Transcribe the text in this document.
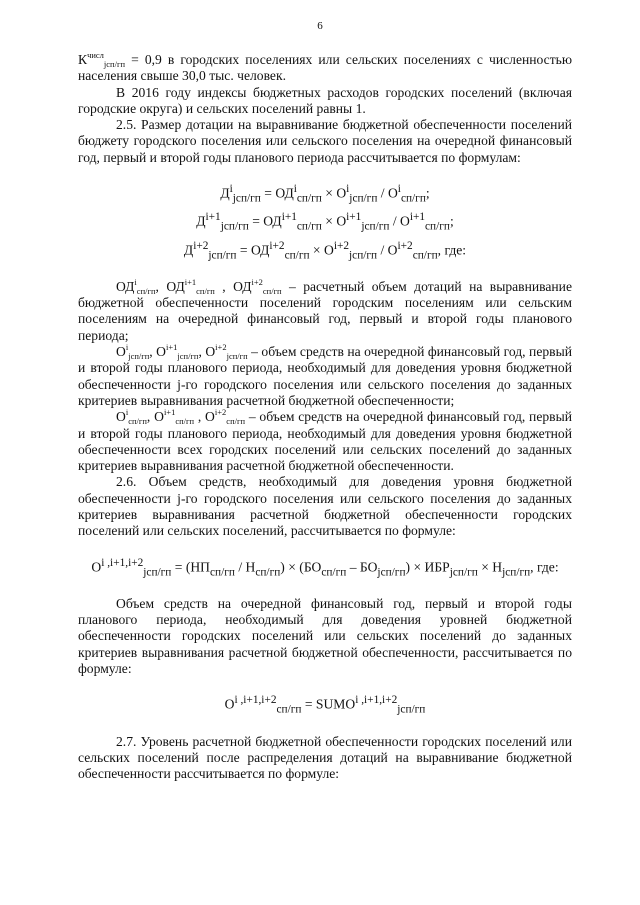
6

$К^{числ}_{jсп/гп} = 0,9$ в городских поселениях или сельских поселениях с численностью населения свыше 30,0 тыс. человек.

В 2016 году индексы бюджетных расходов городских поселений (включая городские округа) и сельских поселений равны 1.

2.5. Размер дотации на выравнивание бюджетной обеспеченности поселений бюджету городского поселения или сельского поселения на очередной финансовый год, первый и второй годы планового периода рассчитывается по формулам:

$Д^i_{jсп/гп} = ОД^i_{сп/гп} \times О^i_{jсп/гп} / О^i_{сп/гп}$;
$Д^{i+1}_{jсп/гп} = ОД^{i+1}_{сп/гп} \times О^{i+1}_{jсп/гп} / О^{i+1}_{сп/гп}$;
$Д^{i+2}_{jсп/гп} = ОД^{i+2}_{сп/гп} \times О^{i+2}_{jсп/гп} / О^{i+2}_{сп/гп}$, где:

$ОД^i_{сп/гп}$, $ОД^{i+1}_{сп/гп}$ , $ОД^{i+2}_{сп/гп}$ – расчетный объем дотаций на выравнивание бюджетной обеспеченности поселений городским поселениям или сельским поселениям на очередной финансовый год, первый и второй годы планового периода;

$О^i_{jсп/гп}$, $О^{i+1}_{jсп/гп}$, $О^{i+2}_{jсп/гп}$ – объем средств на очередной финансовый год, первый и второй годы планового периода, необходимый для доведения уровня бюджетной обеспеченности j-го городского поселения или сельского поселения до заданных критериев выравнивания расчетной бюджетной обеспеченности;

$О^i_{сп/гп}$, $О^{i+1}_{сп/гп}$ , $О^{i+2}_{сп/гп}$ – объем средств на очередной финансовый год, первый и второй годы планового периода, необходимый для доведения уровня бюджетной обеспеченности всех городских поселений или сельских поселений до заданных критериев выравнивания расчетной бюджетной обеспеченности.

2.6. Объем средств, необходимый для доведения уровня бюджетной обеспеченности j-го городского поселения или сельского поселения до заданных критериев выравнивания расчетной бюджетной обеспеченности городских поселений или сельских поселений, рассчитывается по формуле:

$О^{i ,i+1,i+2}_{jсп/гп} = (НП_{сп/гп} / Н_{сп/гп}) \times (БО_{сп/гп} - БО_{jсп/гп}) \times ИБР_{jсп/гп} \times Н_{jсп/гп}$, где:

Объем средств на очередной финансовый год, первый и второй годы планового периода, необходимый для доведения уровней бюджетной обеспеченности городских поселений или сельских поселений до заданных критериев выравнивания расчетной бюджетной обеспеченности, рассчитывается по формуле:

$О^{i ,i+1,i+2}_{сп/гп}$ = $SUMO^{i ,i+1,i+2}_{jсп/гп}$

2.7. Уровень расчетной бюджетной обеспеченности городских поселений или сельских поселений после распределения дотаций на выравнивание бюджетной обеспеченности рассчитывается по формуле:
